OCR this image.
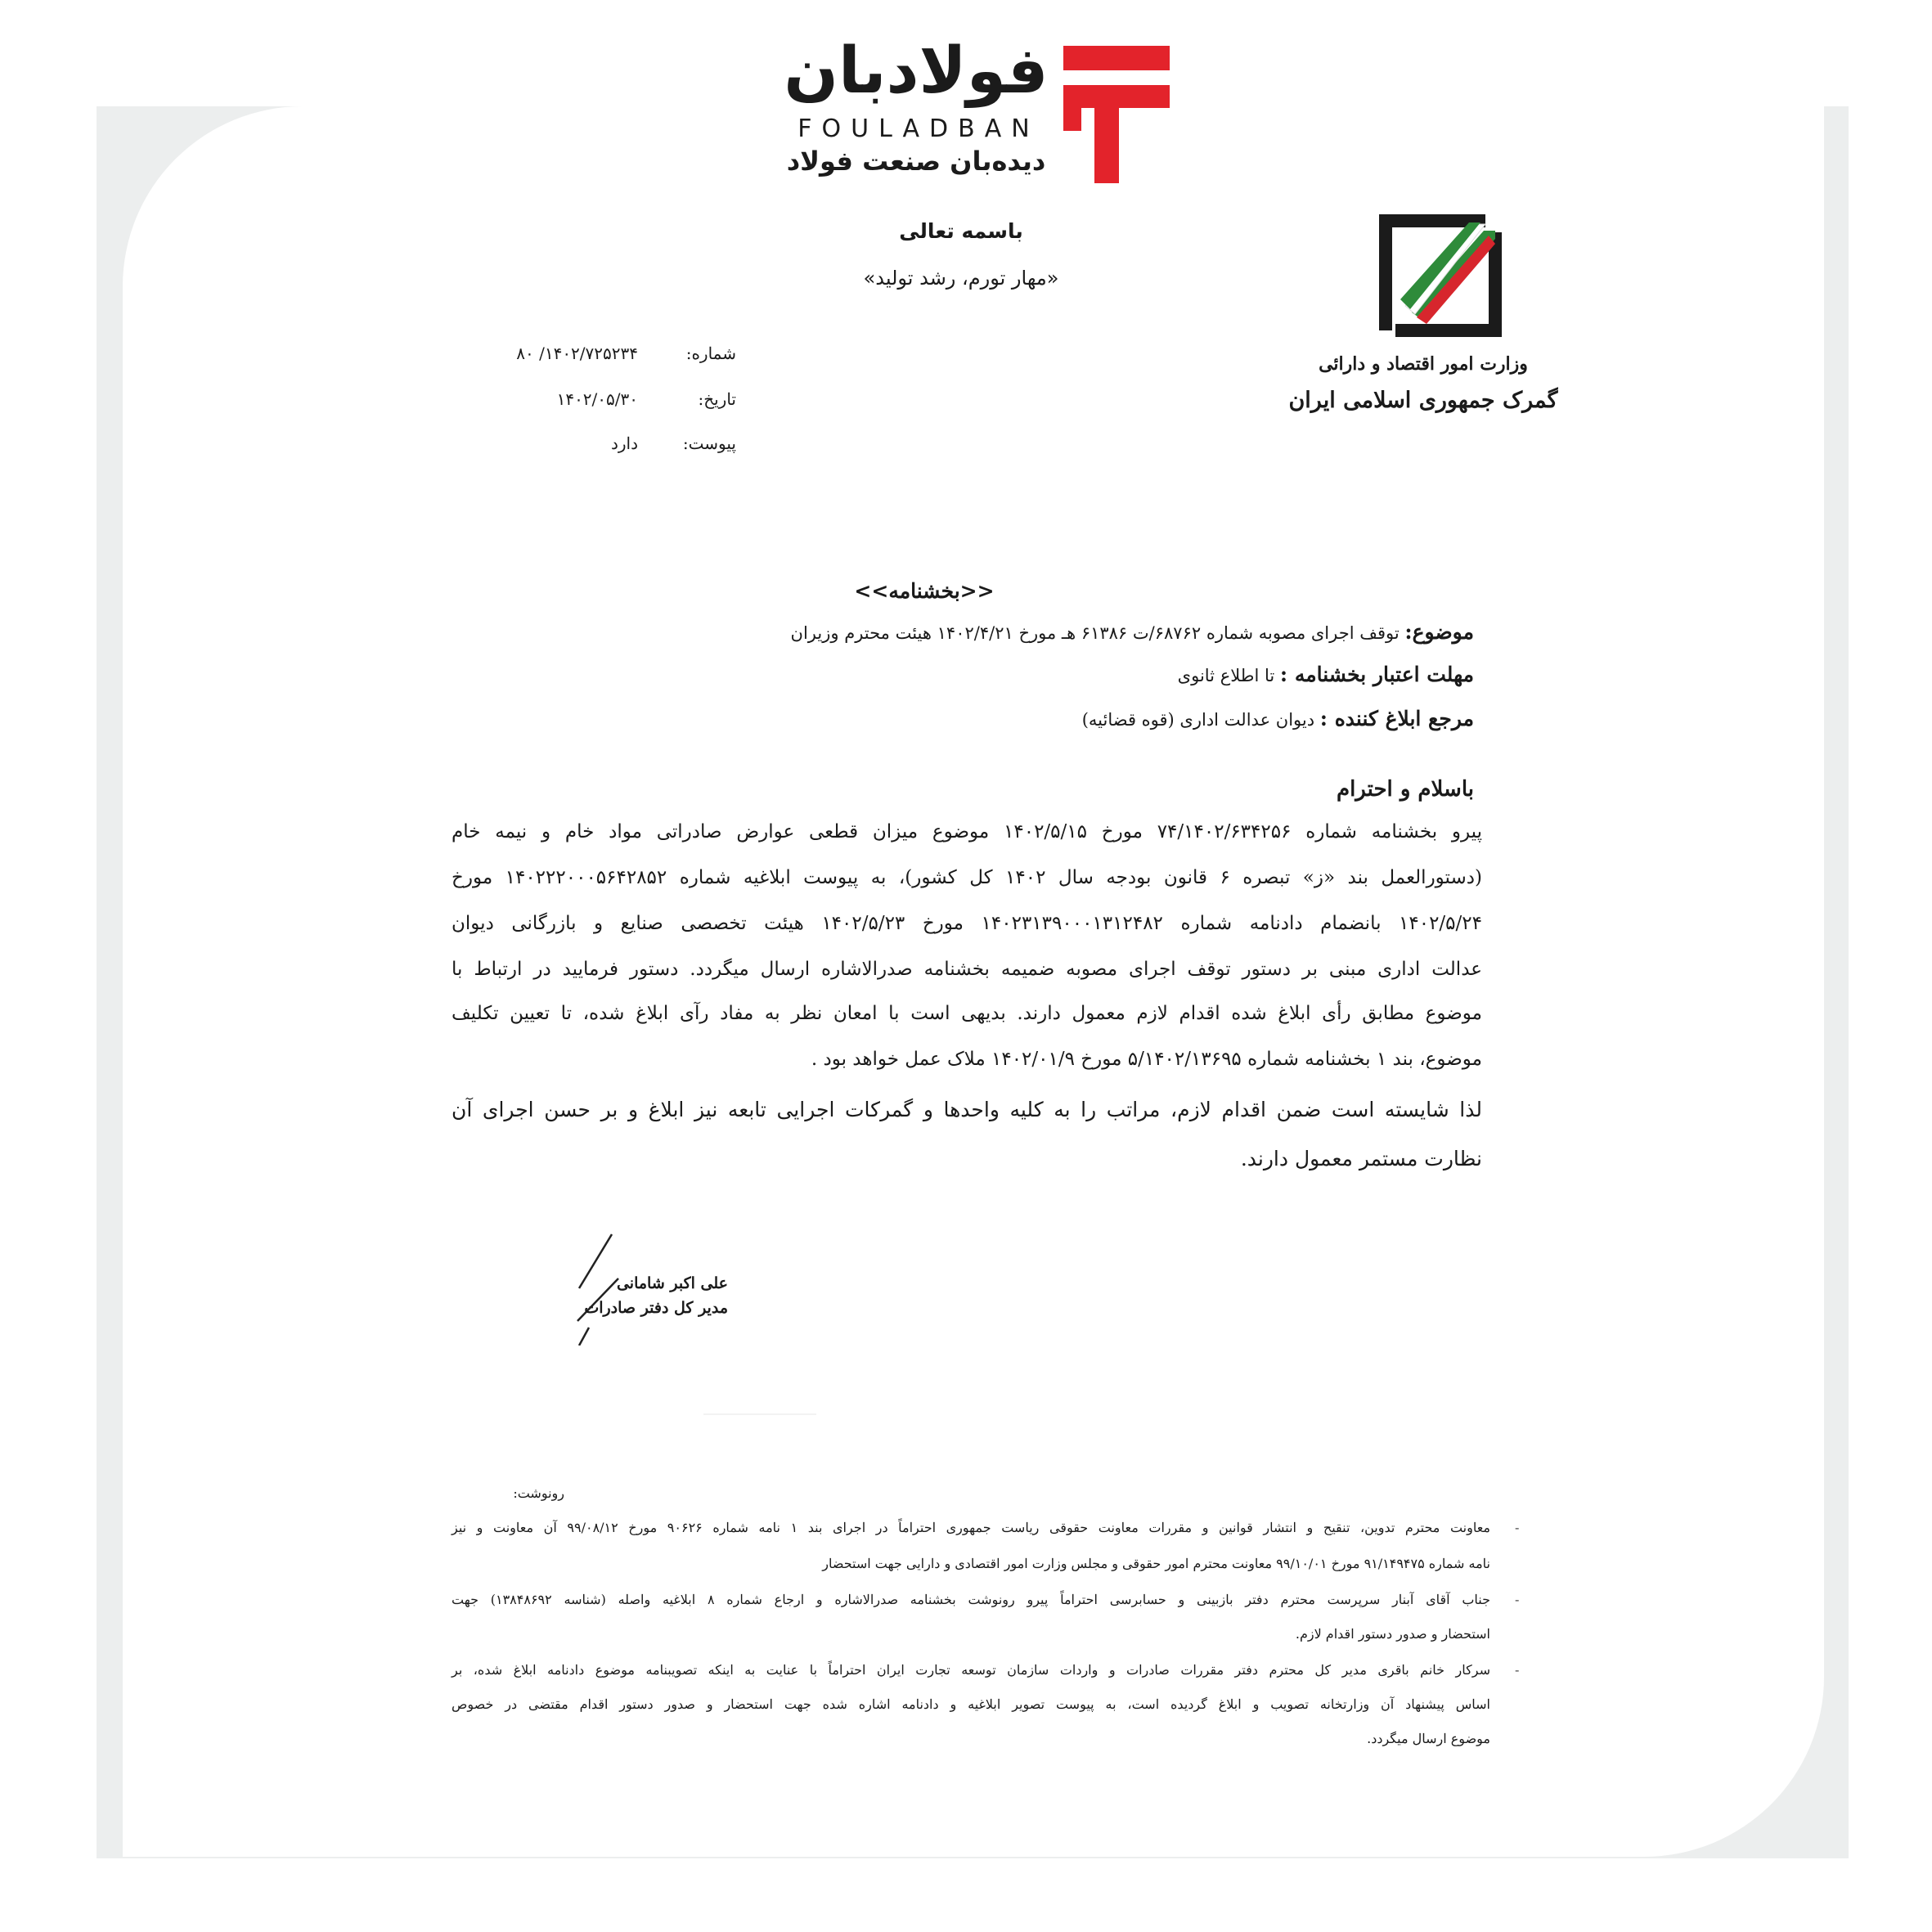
فولادبان
FOULADBAN
دیده‌بان صنعت فولاد
باسمه تعالی
«مهار تورم، رشد تولید»
وزارت امور اقتصاد و دارائی
گمرک جمهوری اسلامی ایران
شماره:
۱۴۰۲/۷۲۵۲۳۴/ ۸۰
تاریخ:
۱۴۰۲/۰۵/۳۰
پیوست:
دارد
<<بخشنامه>>
موضوع: توقف اجرای مصوبه شماره ۶۸۷۶۲/ت ۶۱۳۸۶ هـ مورخ ۱۴۰۲/۴/۲۱ هیئت محترم وزیران
مهلت اعتبار بخشنامه : تا اطلاع ثانوی
مرجع ابلاغ کننده : دیوان عدالت اداری (قوه قضائیه)
باسلام و احترام
پیرو بخشنامه شماره ۷۴/۱۴۰۲/۶۳۴۲۵۶ مورخ ۱۴۰۲/۵/۱۵ موضوع میزان قطعی عوارض صادراتی مواد خام و نیمه خام
(دستورالعمل بند «ز» تبصره ۶ قانون بودجه سال ۱۴۰۲ کل کشور)، به پیوست ابلاغیه شماره ۱۴۰۲۲۲۰۰۰۵۶۴۲۸۵۲ مورخ
۱۴۰۲/۵/۲۴ بانضمام دادنامه شماره ۱۴۰۲۳۱۳۹۰۰۰۱۳۱۲۴۸۲ مورخ ۱۴۰۲/۵/۲۳ هیئت تخصصی صنایع و بازرگانی دیوان
عدالت اداری مبنی بر دستور توقف اجرای مصوبه ضمیمه بخشنامه صدرالاشاره ارسال میگردد. دستور فرمایید در ارتباط با
موضوع مطابق رأی ابلاغ شده اقدام لازم معمول دارند. بدیهی است با امعان نظر به مفاد رآی ابلاغ شده، تا تعیین تکلیف
موضوع، بند ۱ بخشنامه شماره ۵/۱۴۰۲/۱۳۶۹۵ مورخ ۱۴۰۲/۰۱/۹ ملاک عمل خواهد بود .
لذا شایسته است ضمن اقدام لازم، مراتب را به کلیه واحدها و گمرکات اجرایی تابعه نیز ابلاغ و بر حسن اجرای آن
نظارت مستمر معمول دارند.
علی اکبر شامانی
مدیر کل دفتر صادرات
رونوشت:
-
معاونت محترم تدوین، تنقیح و انتشار قوانین و مقررات معاونت حقوقی ریاست جمهوری احتراماً در اجرای بند ۱ نامه شماره ۹۰۶۲۶ مورخ ۹۹/۰۸/۱۲ آن معاونت و نیز
نامه شماره ۹۱/۱۴۹۴۷۵ مورخ ۹۹/۱۰/۰۱ معاونت محترم امور حقوقی و مجلس وزارت امور اقتصادی و دارایی جهت استحضار
-
جناب آقای آبنار سرپرست محترم دفتر بازبینی و حسابرسی احتراماً پیرو رونوشت بخشنامه صدرالاشاره و ارجاع شماره ۸ ابلاغیه واصله (شناسه ۱۳۸۴۸۶۹۲) جهت
استحضار و صدور دستور اقدام لازم.
-
سرکار خانم باقری مدیر کل محترم دفتر مقررات صادرات و واردات سازمان توسعه تجارت ایران احتراماً با عنایت به اینکه تصویبنامه موضوع دادنامه ابلاغ شده، بر
اساس پیشنهاد آن وزارتخانه تصویب و ابلاغ گردیده است، به پیوست تصویر ابلاغیه و دادنامه اشاره شده جهت استحضار و صدور دستور اقدام مقتضی در خصوص
موضوع ارسال میگردد.
